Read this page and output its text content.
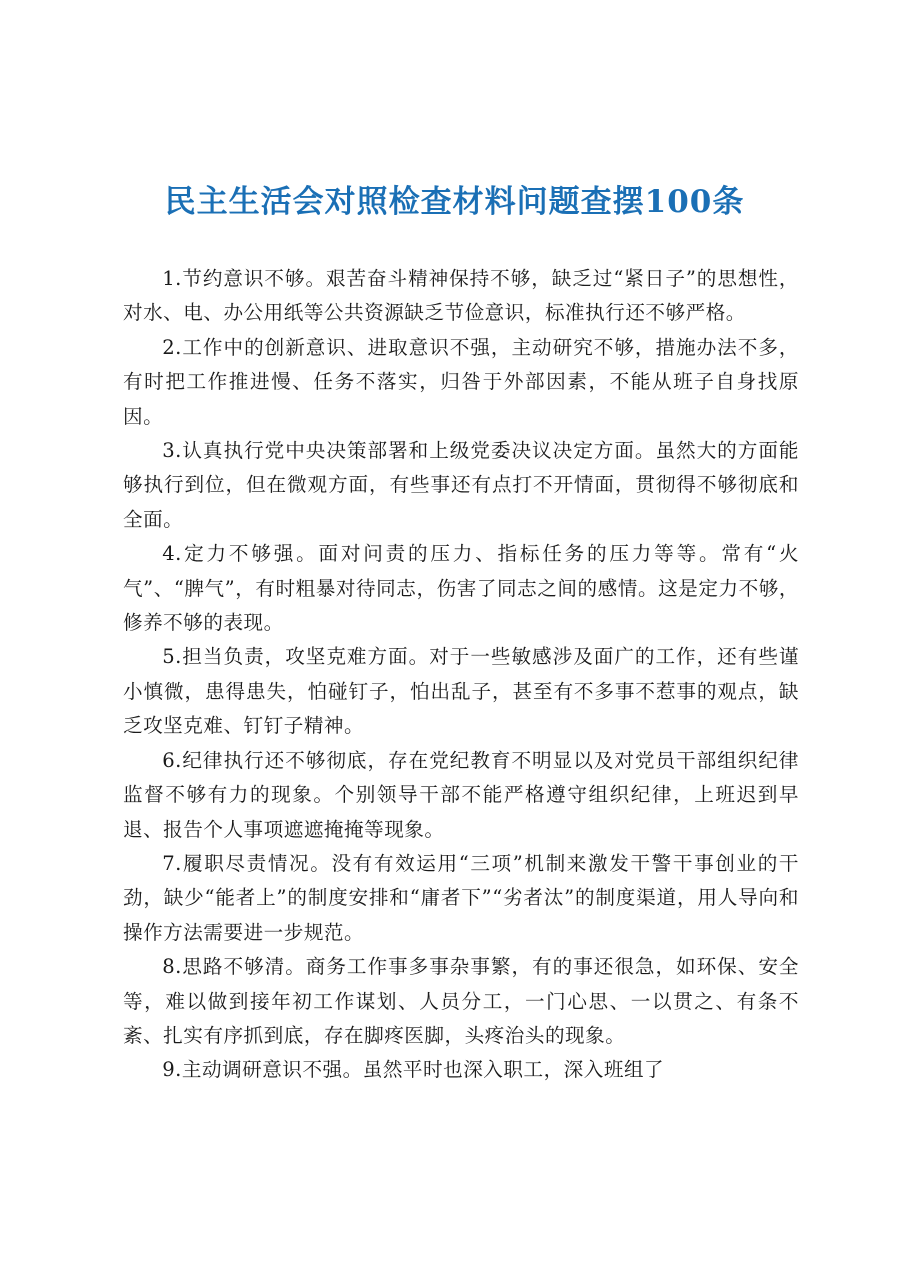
民主生活会对照检查材料问题查摆100条

1.节约意识不够。艰苦奋斗精神保持不够，缺乏过“紧日子”的思想性，对水、电、办公用纸等公共资源缺乏节俭意识，标准执行还不够严格。

2.工作中的创新意识、进取意识不强，主动研究不够，措施办法不多，有时把工作推进慢、任务不落实，归咎于外部因素，不能从班子自身找原因。

3.认真执行党中央决策部署和上级党委决议决定方面。虽然大的方面能够执行到位，但在微观方面，有些事还有点打不开情面，贯彻得不够彻底和全面。

4.定力不够强。面对问责的压力、指标任务的压力等等。常有“火气”、“脾气”，有时粗暴对待同志，伤害了同志之间的感情。这是定力不够，修养不够的表现。

5.担当负责，攻坚克难方面。对于一些敏感涉及面广的工作，还有些谨小慎微，患得患失，怕碰钉子，怕出乱子，甚至有不多事不惹事的观点，缺乏攻坚克难、钉钉子精神。

6.纪律执行还不够彻底，存在党纪教育不明显以及对党员干部组织纪律监督不够有力的现象。个别领导干部不能严格遵守组织纪律，上班迟到早退、报告个人事项遮遮掩掩等现象。

7.履职尽责情况。没有有效运用“三项”机制来激发干警干事创业的干劲，缺少“能者上”的制度安排和“庸者下”“劣者汰”的制度渠道，用人导向和操作方法需要进一步规范。

8.思路不够清。商务工作事多事杂事繁，有的事还很急，如环保、安全等，难以做到接年初工作谋划、人员分工，一门心思、一以贯之、有条不紊、扎实有序抓到底，存在脚疼医脚，头疼治头的现象。

9.主动调研意识不强。虽然平时也深入职工，深入班组了
